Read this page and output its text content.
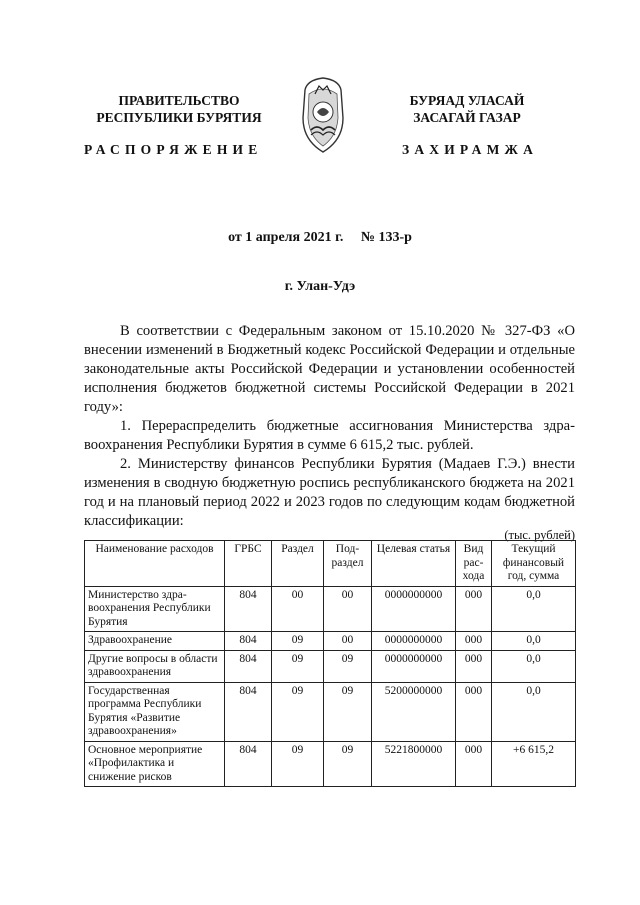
ПРАВИТЕЛЬСТВО
РЕСПУБЛИКИ БУРЯТИЯ
БУРЯАД УЛАСАЙ
ЗАСАГАЙ ГАЗАР
РАСПОРЯЖЕНИЕ	ЗАХИРАМЖА
от 1 апреля 2021 г. № 133-р
г. Улан-Удэ

В соответствии с Федеральным законом от 15.10.2020 № 327-ФЗ «О внесении изменений в Бюджетный кодекс Российской Федерации и отдельные законодательные акты Российской Федерации и установлении особенностей исполнения бюджетов бюджетной системы Российской Федерации в 2021 году»:

1. Перераспределить бюджетные ассигнования Министерства здравоохранения Республики Бурятия в сумме 6 615,2 тыс. рублей.

2. Министерству финансов Республики Бурятия (Мадаев Г.Э.) внести изменения в сводную бюджетную роспись республиканского бюджета на 2021 год и на плановый период 2022 и 2023 годов по следующим кодам бюджетной классификации:

(тыс. рублей)
Наименование расходов	ГРБС	Раздел	Подраздел	Целевая статья	Вид расхода	Текущий финансовый год, сумма
Министерство здравоохранения Республики Бурятия	804	00	00	0000000000	000	0,0
Здравоохранение	804	09	00	0000000000	000	0,0
Другие вопросы в области здравоохранения	804	09	09	0000000000	000	0,0
Государственная программа Республики Бурятия «Развитие здравоохранения»	804	09	09	5200000000	000	0,0
Основное мероприятие «Профилактика и снижение рисков	804	09	09	5221800000	000	+6 615,2
